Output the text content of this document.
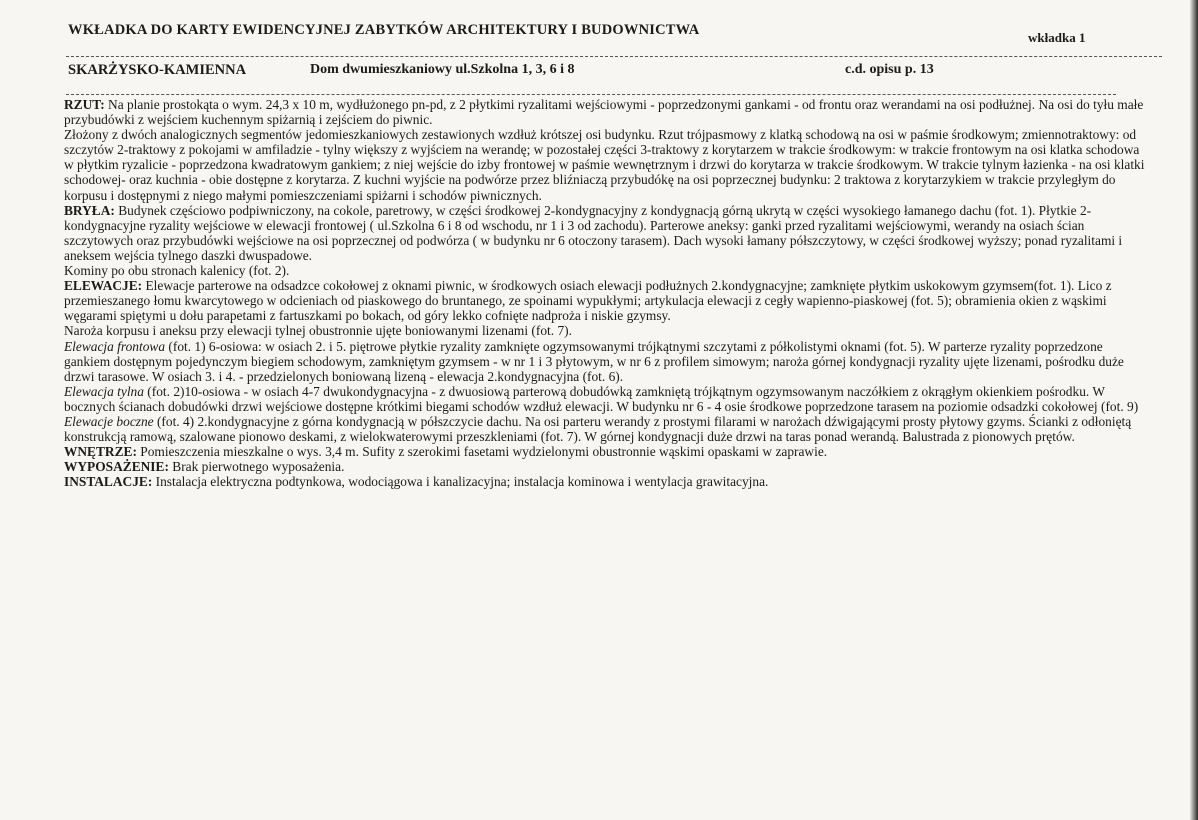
WKŁADKA DO KARTY EWIDENCYJNEJ ZABYTKÓW ARCHITEKTURY I BUDOWNICTWA	wkładka 1
SKARŻYSKO-KAMIENNA	Dom dwumieszkaniowy ul.Szkolna 1, 3, 6 i 8	c.d. opisu p. 13

RZUT: Na planie prostokąta o wym. 24,3 x 10 m, wydłużonego pn-pd, z 2 płytkimi ryzalitami wejściowymi - poprzedzonymi gankami - od frontu oraz werandami na osi podłużnej. Na osi do tyłu małe przybudówki z wejściem kuchennym spiżarnią i zejściem do piwnic.

Złożony z dwóch analogicznych segmentów jedomieszkaniowych zestawionych wzdłuż krótszej osi budynku. Rzut trójpasmowy z klatką schodową na osi w paśmie środkowym; zmiennotraktowy: od szczytów 2-traktowy z pokojami w amfiladzie - tylny większy z wyjściem na werandę; w pozostałej części 3-traktowy z korytarzem w trakcie środkowym: w trakcie frontowym na osi klatka schodowa w płytkim ryzalicie - poprzedzona kwadratowym gankiem; z niej wejście do izby frontowej w paśmie wewnętrznym i drzwi do korytarza w trakcie środkowym. W trakcie tylnym łazienka - na osi klatki schodowej- oraz kuchnia - obie dostępne z korytarza. Z kuchni wyjście na podwórze przez bliźniaczą przybudókę na osi poprzecznej budynku: 2 traktowa z korytarzykiem w trakcie przyległym do korpusu i dostępnymi z niego małymi pomieszczeniami spiżarni i schodów piwnicznych.

BRYŁA: Budynek częściowo podpiwniczony, na cokole, paretrowy, w części środkowej 2-kondygnacyjny z kondygnacją górną ukrytą w części wysokiego łamanego dachu (fot. 1). Płytkie 2-kondygnacyjne ryzality wejściowe w elewacji frontowej ( ul.Szkolna 6 i 8 od wschodu, nr 1 i 3 od zachodu). Parterowe aneksy: ganki przed ryzalitami wejściowymi, werandy na osiach ścian szczytowych oraz przybudówki wejściowe na osi poprzecznej od podwórza ( w budynku nr 6 otoczony tarasem). Dach wysoki łamany półszczytowy, w części środkowej wyższy; ponad ryzalitami i aneksem wejścia tylnego daszki dwuspadowe.

Kominy po obu stronach kalenicy (fot. 2).

ELEWACJE: Elewacje parterowe na odsadzce cokołowej z oknami piwnic, w środkowych osiach elewacji podłużnych 2.kondygnacyjne; zamknięte płytkim uskokowym gzymsem(fot. 1). Lico z przemieszanego łomu kwarcytowego w odcieniach od piaskowego do bruntanego, ze spoinami wypukłymi; artykulacja elewacji z cegły wapienno-piaskowej (fot. 5); obramienia okien z wąskimi węgarami spiętymi u dołu parapetami z fartuszkami po bokach, od góry lekko cofnięte nadproża i niskie gzymsy.

Naroża korpusu i aneksu przy elewacji tylnej obustronnie ujęte boniowanymi lizenami (fot. 7).

Elewacja frontowa (fot. 1) 6-osiowa: w osiach 2. i 5. piętrowe płytkie ryzality zamknięte ogzymsowanymi trójkątnymi szczytami z półkolistymi oknami (fot. 5). W parterze ryzality poprzedzone gankiem dostępnym pojedynczym biegiem schodowym, zamkniętym gzymsem - w nr 1 i 3 płytowym, w nr 6 z profilem simowym; naroża górnej kondygnacji ryzality ujęte lizenami, pośrodku duże drzwi tarasowe. W osiach 3. i 4. - przedzielonych boniowaną lizeną - elewacja 2.kondygnacyjna (fot. 6).

Elewacja tylna (fot. 2)10-osiowa - w osiach 4-7 dwukondygnacyjna - z dwuosiową parterową dobudówką zamkniętą trójkątnym ogzymsowanym naczółkiem z okrągłym okienkiem pośrodku. W bocznych ścianach dobudówki drzwi wejściowe dostępne krótkimi biegami schodów wzdłuż elewacji. W budynku nr 6 - 4 osie środkowe poprzedzone tarasem na poziomie odsadzki cokołowej (fot. 9)

Elewacje boczne (fot. 4) 2.kondygnacyjne z górna kondygnacją w półszczycie dachu. Na osi parteru werandy z prostymi filarami w narożach dźwigającymi prosty płytowy gzyms. Ścianki z odłoniętą konstrukcją ramową, szalowane pionowo deskami, z wielokwaterowymi przeszkleniami (fot. 7). W górnej kondygnacji duże drzwi na taras ponad werandą. Balustrada z pionowych prętów.

WNĘTRZE: Pomieszczenia mieszkalne o wys. 3,4 m. Sufity z szerokimi fasetami wydzielonymi obustronnie wąskimi opaskami w zaprawie.

WYPOSAŻENIE: Brak pierwotnego wyposażenia.

INSTALACJE: Instalacja elektryczna podtynkowa, wodociągowa i kanalizacyjna; instalacja kominowa i wentylacja grawitacyjna.
